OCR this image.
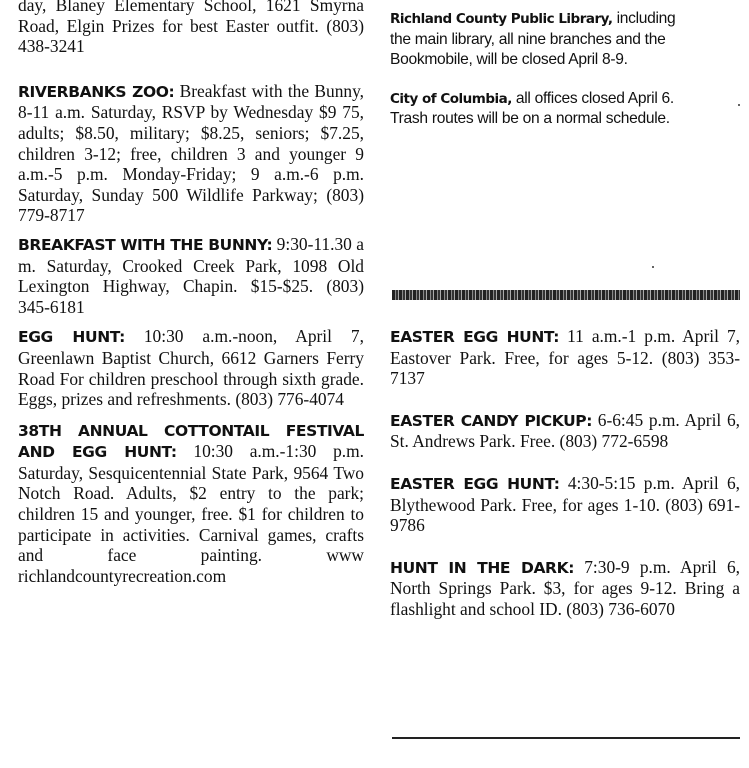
day, Blaney Elementary School, 1621 Smyrna Road, Elgin Prizes for best Easter outfit. (803) 438-3241

RIVERBANKS ZOO: Breakfast with the Bunny, 8-11 a.m. Saturday, RSVP by Wednesday $9 75, adults; $8.50, military; $8.25, seniors; $7.25, children 3-12; free, children 3 and younger 9 a.m.-5 p.m. Monday-Friday; 9 a.m.-6 p.m. Saturday, Sunday 500 Wildlife Parkway; (803) 779-8717

BREAKFAST WITH THE BUNNY: 9:30-11.30 a m. Saturday, Crooked Creek Park, 1098 Old Lexington Highway, Chapin. $15-$25. (803) 345-6181

EGG HUNT: 10:30 a.m.-noon, April 7, Greenlawn Baptist Church, 6612 Garners Ferry Road For children preschool through sixth grade. Eggs, prizes and refreshments. (803) 776-4074

38TH ANNUAL COTTONTAIL FESTIVAL AND EGG HUNT: 10:30 a.m.-1:30 p.m. Saturday, Sesquicentennial State Park, 9564 Two Notch Road. Adults, $2 entry to the park; children 15 and younger, free. $1 for children to participate in activities. Carnival games, crafts and face painting. www richlandcountyrecreation.com

Richland County Public Library, including the main library, all nine branches and the Bookmobile, will be closed April 8-9.

City of Columbia, all offices closed April 6. Trash routes will be on a normal schedule.

EASTER EGG HUNT: 11 a.m.-1 p.m. April 7, Eastover Park. Free, for ages 5-12. (803) 353-7137

EASTER CANDY PICKUP: 6-6:45 p.m. April 6, St. Andrews Park. Free. (803) 772-6598

EASTER EGG HUNT: 4:30-5:15 p.m. April 6, Blythewood Park. Free, for ages 1-10. (803) 691-9786

HUNT IN THE DARK: 7:30-9 p.m. April 6, North Springs Park. $3, for ages 9-12. Bring a flashlight and school ID. (803) 736-6070
